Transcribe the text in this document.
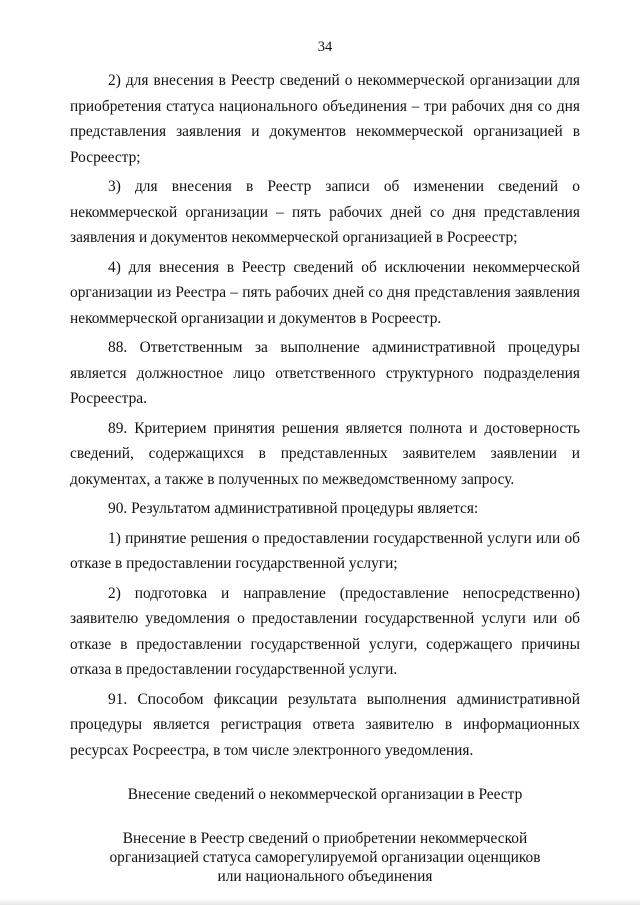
34

2) для внесения в Реестр сведений о некоммерческой организации для приобретения статуса национального объединения – три рабочих дня со дня представления заявления и документов некоммерческой организацией в Росреестр;

3) для внесения в Реестр записи об изменении сведений о некоммерческой организации – пять рабочих дней со дня представления заявления и документов некоммерческой организацией в Росреестр;

4) для внесения в Реестр сведений об исключении некоммерческой организации из Реестра – пять рабочих дней со дня представления заявления некоммерческой организации и документов в Росреестр.

88. Ответственным за выполнение административной процедуры является должностное лицо ответственного структурного подразделения Росреестра.

89. Критерием принятия решения является полнота и достоверность сведений, содержащихся в представленных заявителем заявлении и документах, а также в полученных по межведомственному запросу.

90. Результатом административной процедуры является:

1) принятие решения о предоставлении государственной услуги или об отказе в предоставлении государственной услуги;

2) подготовка и направление (предоставление непосредственно) заявителю уведомления о предоставлении государственной услуги или об отказе в предоставлении государственной услуги, содержащего причины отказа в предоставлении государственной услуги.

91. Способом фиксации результата выполнения административной процедуры является регистрация ответа заявителю в информационных ресурсах Росреестра, в том числе электронного уведомления.

Внесение сведений о некоммерческой организации в Реестр
Внесение в Реестр сведений о приобретении некоммерческой
организацией статуса саморегулируемой организации оценщиков
или национального объединения
